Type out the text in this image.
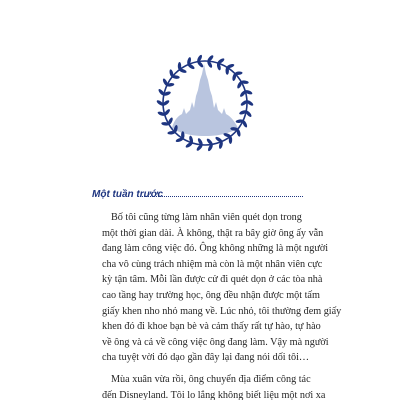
Một tuần trước

Bố tôi cũng từng làm nhân viên quét dọn trong
một thời gian dài. À không, thật ra bây giờ ông ấy vẫn
đang làm công việc đó. Ông không những là một người
cha vô cùng trách nhiệm mà còn là một nhân viên cực
kỳ tận tâm. Mỗi lần được cử đi quét dọn ở các tòa nhà
cao tầng hay trường học, ông đều nhận được một tấm
giấy khen nho nhỏ mang về. Lúc nhỏ, tôi thường đem giấy
khen đó đi khoe bạn bè và cảm thấy rất tự hào, tự hào
về ông và cả về công việc ông đang làm. Vậy mà người
cha tuyệt vời đó dạo gần đây lại đang nói dối tôi…

Mùa xuân vừa rồi, ông chuyển địa điểm công tác
đến Disneyland. Tôi lo lắng không biết liệu một nơi xa
